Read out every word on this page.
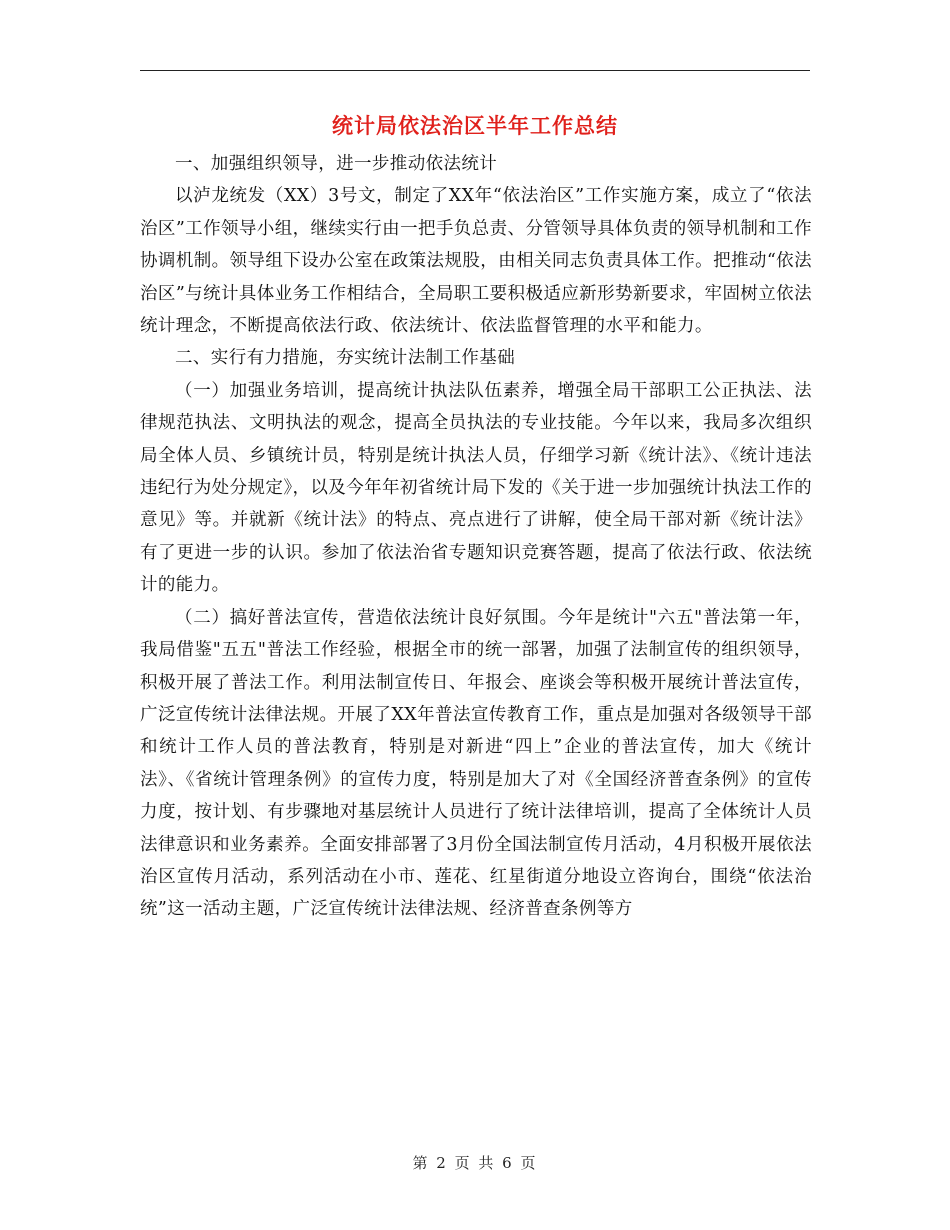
统计局依法治区半年工作总结

一、加强组织领导，进一步推动依法统计

以泸龙统发（XX）3号文，制定了XX年“依法治区”工作实施方案，成立了“依法治区”工作领导小组，继续实行由一把手负总责、分管领导具体负责的领导机制和工作协调机制。领导组下设办公室在政策法规股，由相关同志负责具体工作。把推动“依法治区”与统计具体业务工作相结合，全局职工要积极适应新形势新要求，牢固树立依法统计理念，不断提高依法行政、依法统计、依法监督管理的水平和能力。

二、实行有力措施，夯实统计法制工作基础

（一）加强业务培训，提高统计执法队伍素养，增强全局干部职工公正执法、法律规范执法、文明执法的观念，提高全员执法的专业技能。今年以来，我局多次组织局全体人员、乡镇统计员，特别是统计执法人员，仔细学习新《统计法》、《统计违法违纪行为处分规定》，以及今年年初省统计局下发的《关于进一步加强统计执法工作的意见》等。并就新《统计法》的特点、亮点进行了讲解，使全局干部对新《统计法》有了更进一步的认识。参加了依法治省专题知识竞赛答题，提高了依法行政、依法统计的能力。

（二）搞好普法宣传，营造依法统计良好氛围。今年是统计"六五"普法第一年，我局借鉴"五五"普法工作经验，根据全市的统一部署，加强了法制宣传的组织领导，积极开展了普法工作。利用法制宣传日、年报会、座谈会等积极开展统计普法宣传，广泛宣传统计法律法规。开展了XX年普法宣传教育工作，重点是加强对各级领导干部和统计工作人员的普法教育，特别是对新进“四上”企业的普法宣传，加大《统计法》、《省统计管理条例》的宣传力度，特别是加大了对《全国经济普查条例》的宣传力度，按计划、有步骤地对基层统计人员进行了统计法律培训，提高了全体统计人员法律意识和业务素养。全面安排部署了3月份全国法制宣传月活动，4月积极开展依法治区宣传月活动，系列活动在小市、莲花、红星街道分地设立咨询台，围绕“依法治统”这一活动主题，广泛宣传统计法律法规、经济普查条例等方

第 2 页 共 6 页
